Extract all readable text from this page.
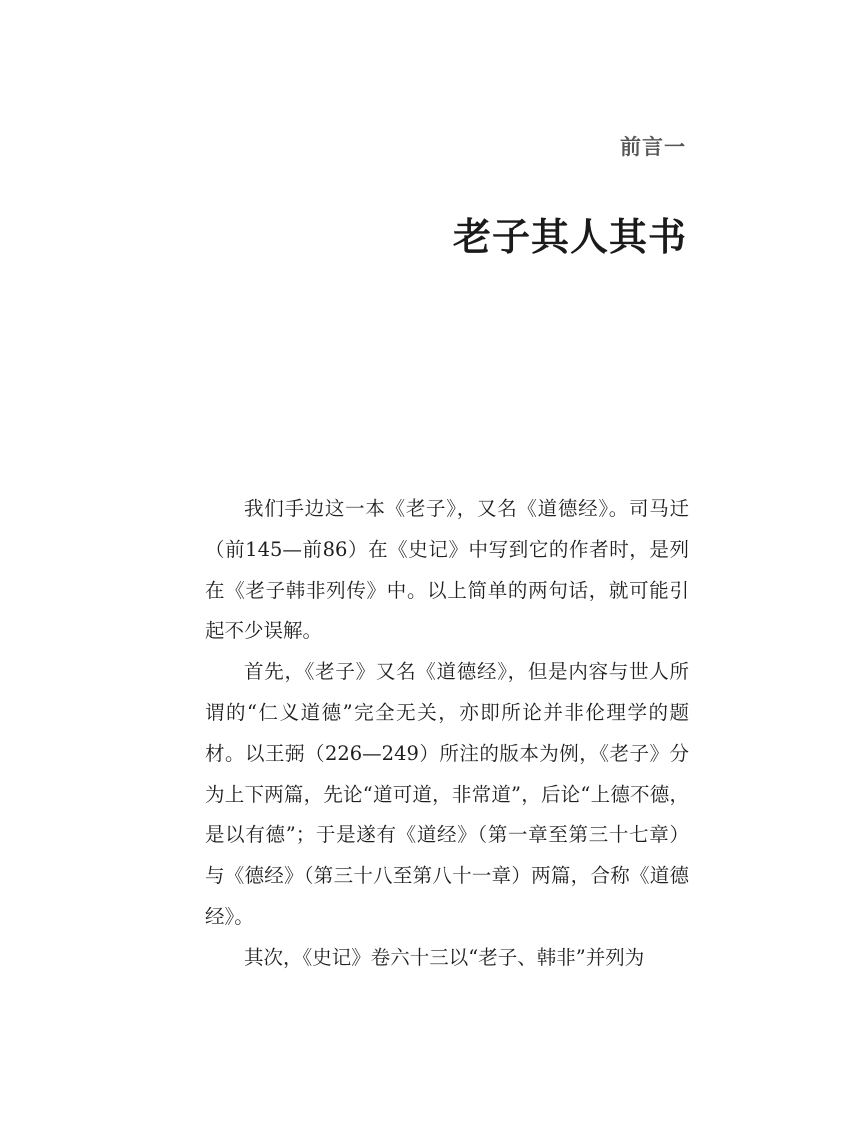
前言一
老子其人其书

我们手边这一本《老子》，又名《道德经》。司马迁（前145—前86）在《史记》中写到它的作者时，是列在《老子韩非列传》中。以上简单的两句话，就可能引起不少误解。

首先，《老子》又名《道德经》，但是内容与世人所谓的“仁义道德”完全无关，亦即所论并非伦理学的题材。以王弼（226—249）所注的版本为例，《老子》分为上下两篇，先论“道可道，非常道”，后论“上德不德，是以有德”；于是遂有《道经》（第一章至第三十七章）与《德经》（第三十八至第八十一章）两篇，合称《道德经》。

其次，《史记》卷六十三以“老子、韩非”并列为
